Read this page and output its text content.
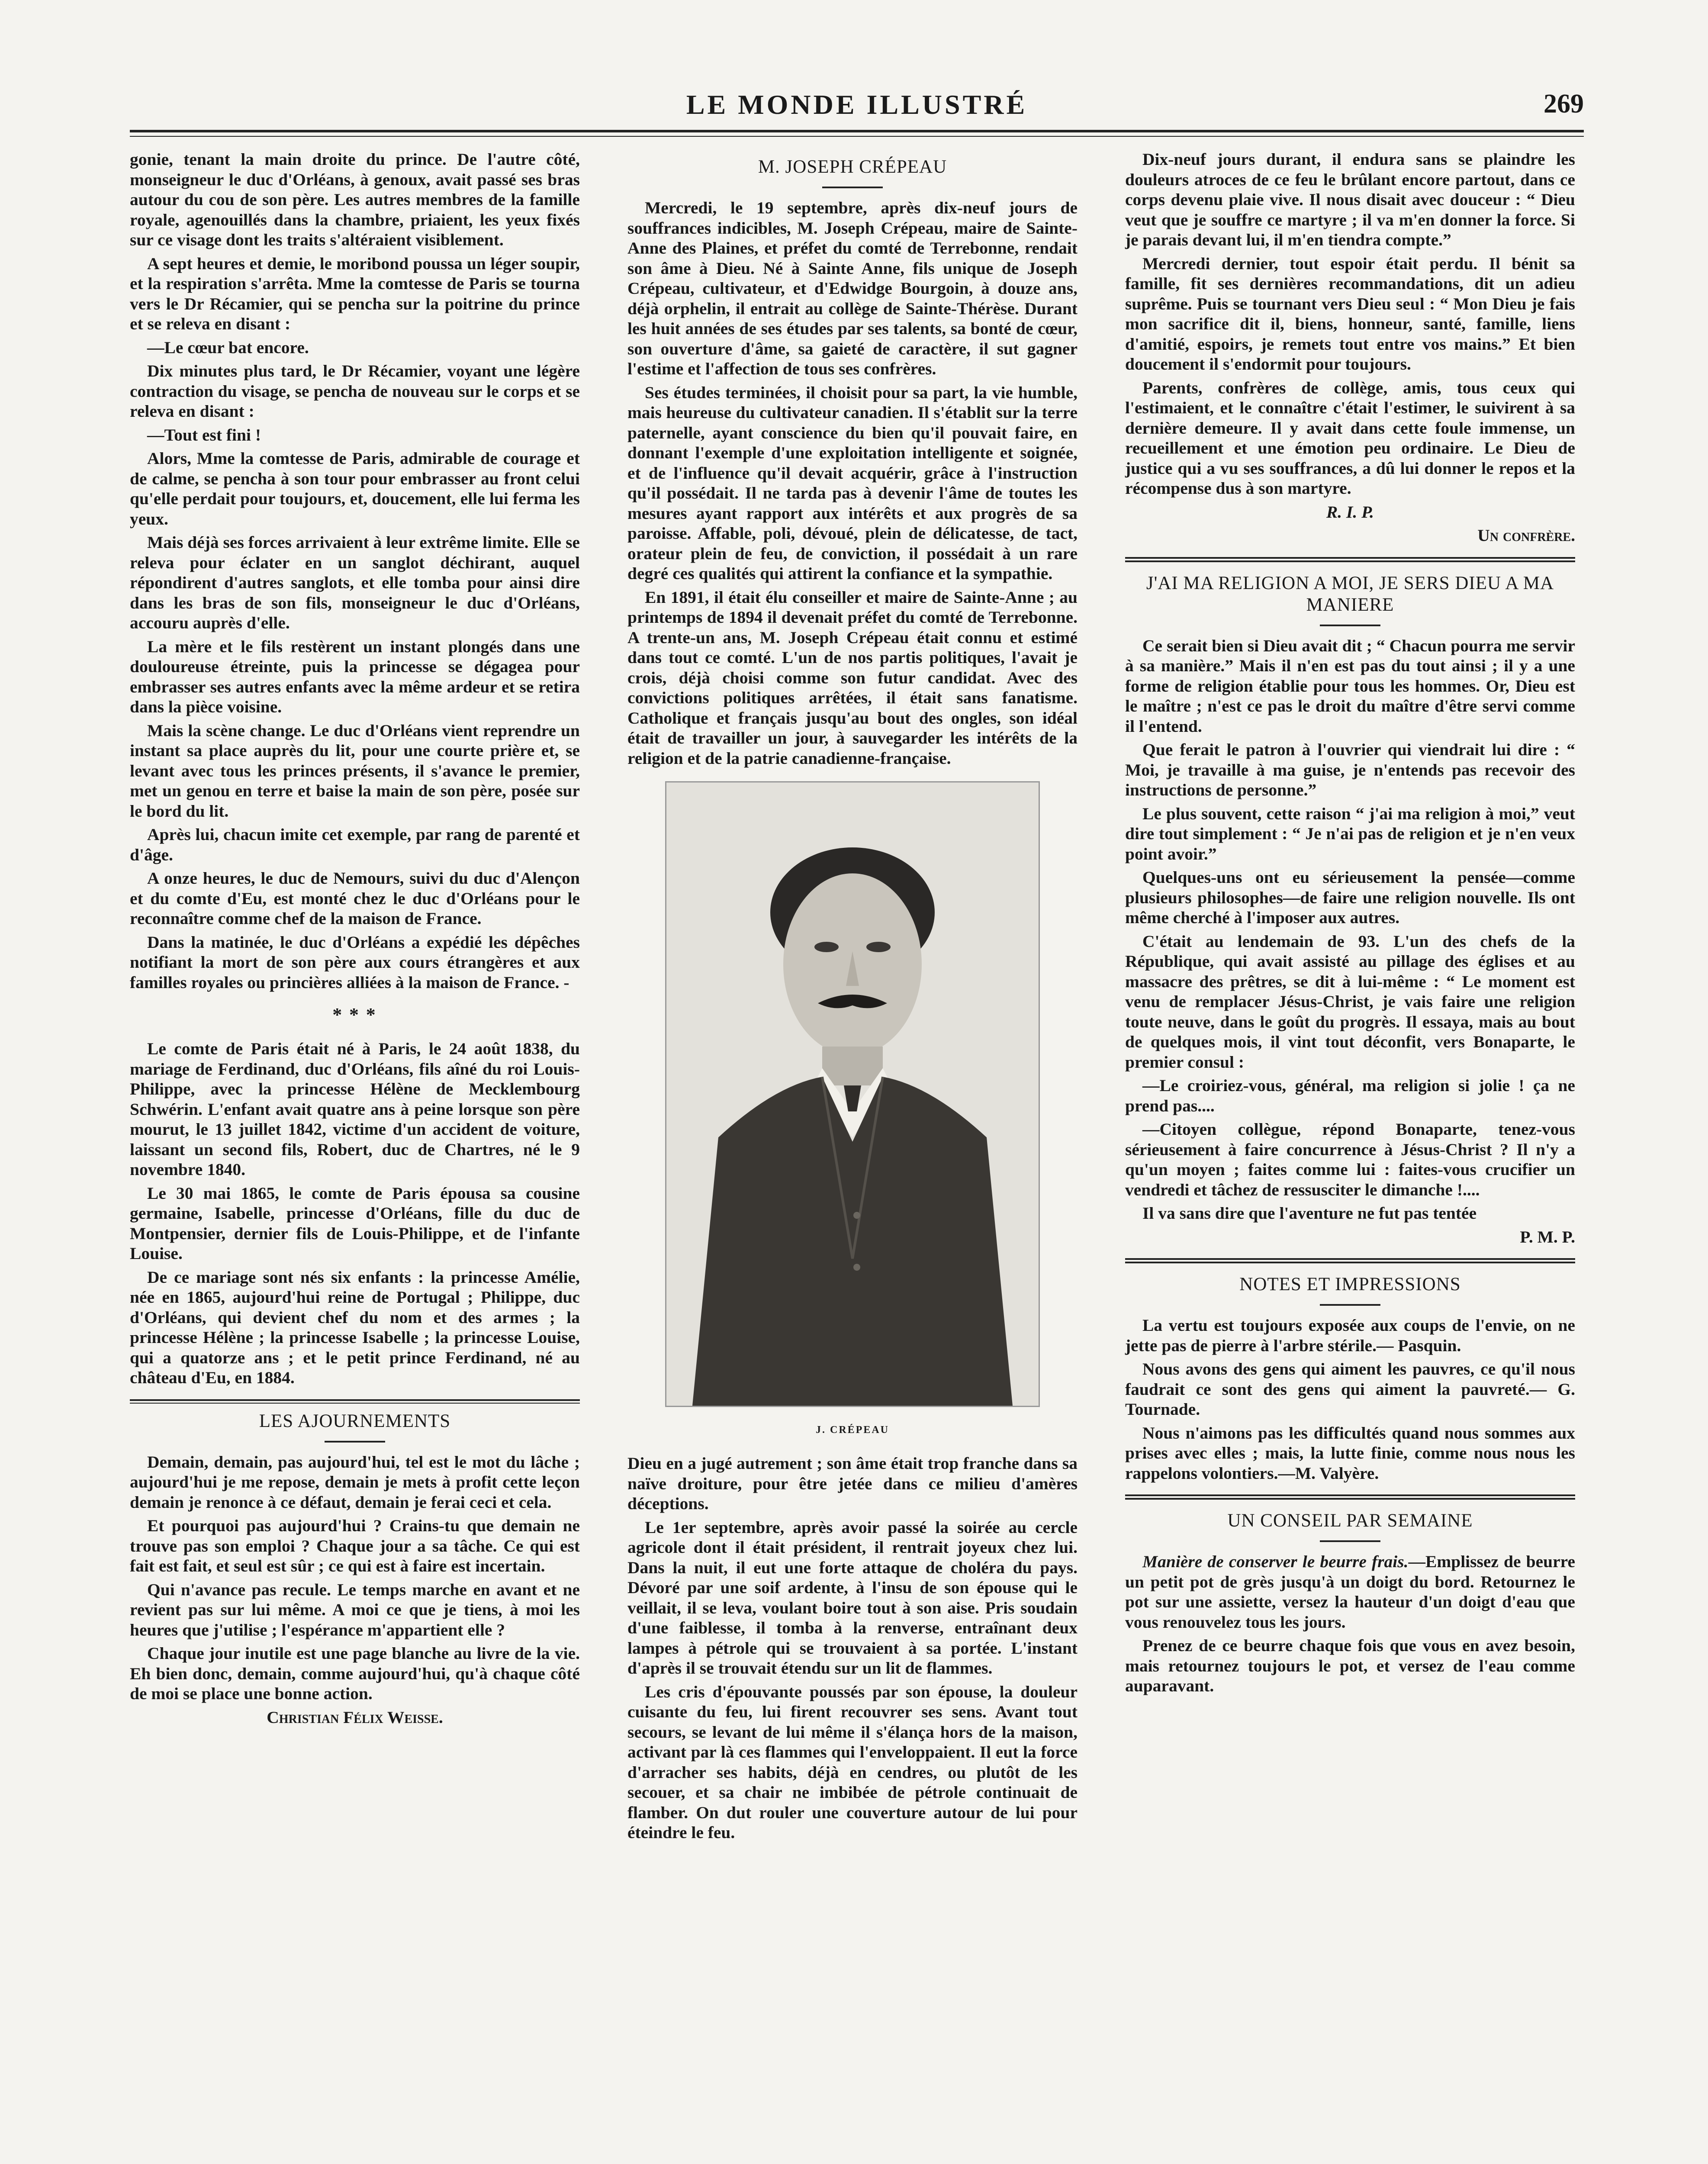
LE MONDE ILLUSTRÉ	269

gonie, tenant la main droite du prince. De l'autre côté, monseigneur le duc d'Orléans, à genoux, avait passé ses bras autour du cou de son père. Les autres membres de la famille royale, agenouillés dans la chambre, priaient, les yeux fixés sur ce visage dont les traits s'altéraient visiblement.

A sept heures et demie, le moribond poussa un léger soupir, et la respiration s'arrêta. Mme la comtesse de Paris se tourna vers le Dr Récamier, qui se pencha sur la poitrine du prince et se releva en disant :

—Le cœur bat encore.

Dix minutes plus tard, le Dr Récamier, voyant une légère contraction du visage, se pencha de nouveau sur le corps et se releva en disant :

—Tout est fini !

Alors, Mme la comtesse de Paris, admirable de courage et de calme, se pencha à son tour pour embrasser au front celui qu'elle perdait pour toujours, et, doucement, elle lui ferma les yeux.

Mais déjà ses forces arrivaient à leur extrême limite. Elle se releva pour éclater en un sanglot déchirant, auquel répondirent d'autres sanglots, et elle tomba pour ainsi dire dans les bras de son fils, monseigneur le duc d'Orléans, accouru auprès d'elle.

La mère et le fils restèrent un instant plongés dans une douloureuse étreinte, puis la princesse se dégagea pour embrasser ses autres enfants avec la même ardeur et se retira dans la pièce voisine.

Mais la scène change. Le duc d'Orléans vient reprendre un instant sa place auprès du lit, pour une courte prière et, se levant avec tous les princes présents, il s'avance le premier, met un genou en terre et baise la main de son père, posée sur le bord du lit.

Après lui, chacun imite cet exemple, par rang de parenté et d'âge.

A onze heures, le duc de Nemours, suivi du duc d'Alençon et du comte d'Eu, est monté chez le duc d'Orléans pour le reconnaître comme chef de la maison de France.

Dans la matinée, le duc d'Orléans a expédié les dépêches notifiant la mort de son père aux cours étrangères et aux familles royales ou princières alliées à la maison de France. -

* * *

Le comte de Paris était né à Paris, le 24 août 1838, du mariage de Ferdinand, duc d'Orléans, fils aîné du roi Louis-Philippe, avec la princesse Hélène de Mecklembourg Schwérin. L'enfant avait quatre ans à peine lorsque son père mourut, le 13 juillet 1842, victime d'un accident de voiture, laissant un second fils, Robert, duc de Chartres, né le 9 novembre 1840.

Le 30 mai 1865, le comte de Paris épousa sa cousine germaine, Isabelle, princesse d'Orléans, fille du duc de Montpensier, dernier fils de Louis-Philippe, et de l'infante Louise.

De ce mariage sont nés six enfants : la princesse Amélie, née en 1865, aujourd'hui reine de Portugal ; Philippe, duc d'Orléans, qui devient chef du nom et des armes ; la princesse Hélène ; la princesse Isabelle ; la princesse Louise, qui a quatorze ans ; et le petit prince Ferdinand, né au château d'Eu, en 1884.

LES AJOURNEMENTS

Demain, demain, pas aujourd'hui, tel est le mot du lâche ; aujourd'hui je me repose, demain je mets à profit cette leçon demain je renonce à ce défaut, demain je ferai ceci et cela.

Et pourquoi pas aujourd'hui ? Crains-tu que demain ne trouve pas son emploi ? Chaque jour a sa tâche. Ce qui est fait est fait, et seul est sûr ; ce qui est à faire est incertain.

Qui n'avance pas recule. Le temps marche en avant et ne revient pas sur lui même. A moi ce que je tiens, à moi les heures que j'utilise ; l'espérance m'appartient elle ?

Chaque jour inutile est une page blanche au livre de la vie. Eh bien donc, demain, comme aujourd'hui, qu'à chaque côté de moi se place une bonne action.

Christian Félix Weisse.

M. JOSEPH CRÉPEAU

Mercredi, le 19 septembre, après dix-neuf jours de souffrances indicibles, M. Joseph Crépeau, maire de Sainte-Anne des Plaines, et préfet du comté de Terrebonne, rendait son âme à Dieu. Né à Sainte Anne, fils unique de Joseph Crépeau, cultivateur, et d'Edwidge Bourgoin, à douze ans, déjà orphelin, il entrait au collège de Sainte-Thérèse. Durant les huit années de ses études par ses talents, sa bonté de cœur, son ouverture d'âme, sa gaieté de caractère, il sut gagner l'estime et l'affection de tous ses confrères.

Ses études terminées, il choisit pour sa part, la vie humble, mais heureuse du cultivateur canadien. Il s'établit sur la terre paternelle, ayant conscience du bien qu'il pouvait faire, en donnant l'exemple d'une exploitation intelligente et soignée, et de l'influence qu'il devait acquérir, grâce à l'instruction qu'il possédait. Il ne tarda pas à devenir l'âme de toutes les mesures ayant rapport aux intérêts et aux progrès de sa paroisse. Affable, poli, dévoué, plein de délicatesse, de tact, orateur plein de feu, de conviction, il possédait à un rare degré ces qualités qui attirent la confiance et la sympathie.

En 1891, il était élu conseiller et maire de Sainte-Anne ; au printemps de 1894 il devenait préfet du comté de Terrebonne. A trente-un ans, M. Joseph Crépeau était connu et estimé dans tout ce comté. L'un de nos partis politiques, l'avait je crois, déjà choisi comme son futur candidat. Avec des convictions politiques arrêtées, il était sans fanatisme. Catholique et français jusqu'au bout des ongles, son idéal était de travailler un jour, à sauvegarder les intérêts de la religion et de la patrie canadienne-française.

J. CRÉPEAU

Dieu en a jugé autrement ; son âme était trop franche dans sa naïve droiture, pour être jetée dans ce milieu d'amères déceptions.

Le 1er septembre, après avoir passé la soirée au cercle agricole dont il était président, il rentrait joyeux chez lui. Dans la nuit, il eut une forte attaque de choléra du pays. Dévoré par une soif ardente, à l'insu de son épouse qui le veillait, il se leva, voulant boire tout à son aise. Pris soudain d'une faiblesse, il tomba à la renverse, entraînant deux lampes à pétrole qui se trouvaient à sa portée. L'instant d'après il se trouvait étendu sur un lit de flammes.

Les cris d'épouvante poussés par son épouse, la douleur cuisante du feu, lui firent recouvrer ses sens. Avant tout secours, se levant de lui même il s'élança hors de la maison, activant par là ces flammes qui l'enveloppaient. Il eut la force d'arracher ses habits, déjà en cendres, ou plutôt de les secouer, et sa chair ne imbibée de pétrole continuait de flamber. On dut rouler une couverture autour de lui pour éteindre le feu.

Dix-neuf jours durant, il endura sans se plaindre les douleurs atroces de ce feu le brûlant encore partout, dans ce corps devenu plaie vive. Il nous disait avec douceur : “ Dieu veut que je souffre ce martyre ; il va m'en donner la force. Si je parais devant lui, il m'en tiendra compte.”

Mercredi dernier, tout espoir était perdu. Il bénit sa famille, fit ses dernières recommandations, dit un adieu suprême. Puis se tournant vers Dieu seul : “ Mon Dieu je fais mon sacrifice dit il, biens, honneur, santé, famille, liens d'amitié, espoirs, je remets tout entre vos mains.” Et bien doucement il s'endormit pour toujours.

Parents, confrères de collège, amis, tous ceux qui l'estimaient, et le connaître c'était l'estimer, le suivirent à sa dernière demeure. Il y avait dans cette foule immense, un recueillement et une émotion peu ordinaire. Le Dieu de justice qui a vu ses souffrances, a dû lui donner le repos et la récompense dus à son martyre.

R. I. P.

Un confrère.

J'AI MA RELIGION A MOI, JE SERS DIEU A MA MANIERE

Ce serait bien si Dieu avait dit ; “ Chacun pourra me servir à sa manière.” Mais il n'en est pas du tout ainsi ; il y a une forme de religion établie pour tous les hommes. Or, Dieu est le maître ; n'est ce pas le droit du maître d'être servi comme il l'entend.

Que ferait le patron à l'ouvrier qui viendrait lui dire : “ Moi, je travaille à ma guise, je n'entends pas recevoir des instructions de personne.”

Le plus souvent, cette raison “ j'ai ma religion à moi,” veut dire tout simplement : “ Je n'ai pas de religion et je n'en veux point avoir.”

Quelques-uns ont eu sérieusement la pensée—comme plusieurs philosophes—de faire une religion nouvelle. Ils ont même cherché à l'imposer aux autres.

C'était au lendemain de 93. L'un des chefs de la République, qui avait assisté au pillage des églises et au massacre des prêtres, se dit à lui-même : “ Le moment est venu de remplacer Jésus-Christ, je vais faire une religion toute neuve, dans le goût du progrès. Il essaya, mais au bout de quelques mois, il vint tout déconfit, vers Bonaparte, le premier consul :

—Le croiriez-vous, général, ma religion si jolie ! ça ne prend pas....

—Citoyen collègue, répond Bonaparte, tenez-vous sérieusement à faire concurrence à Jésus-Christ ? Il n'y a qu'un moyen ; faites comme lui : faites-vous crucifier un vendredi et tâchez de ressusciter le dimanche !....

Il va sans dire que l'aventure ne fut pas tentée

P. M. P.

NOTES ET IMPRESSIONS

La vertu est toujours exposée aux coups de l'envie, on ne jette pas de pierre à l'arbre stérile.— Pasquin.

Nous avons des gens qui aiment les pauvres, ce qu'il nous faudrait ce sont des gens qui aiment la pauvreté.— G. Tournade.

Nous n'aimons pas les difficultés quand nous sommes aux prises avec elles ; mais, la lutte finie, comme nous nous les rappelons volontiers.—M. Valyère.

UN CONSEIL PAR SEMAINE

Manière de conserver le beurre frais.—Emplissez de beurre un petit pot de grès jusqu'à un doigt du bord. Retournez le pot sur une assiette, versez la hauteur d'un doigt d'eau que vous renouvelez tous les jours.

Prenez de ce beurre chaque fois que vous en avez besoin, mais retournez toujours le pot, et versez de l'eau comme auparavant.
